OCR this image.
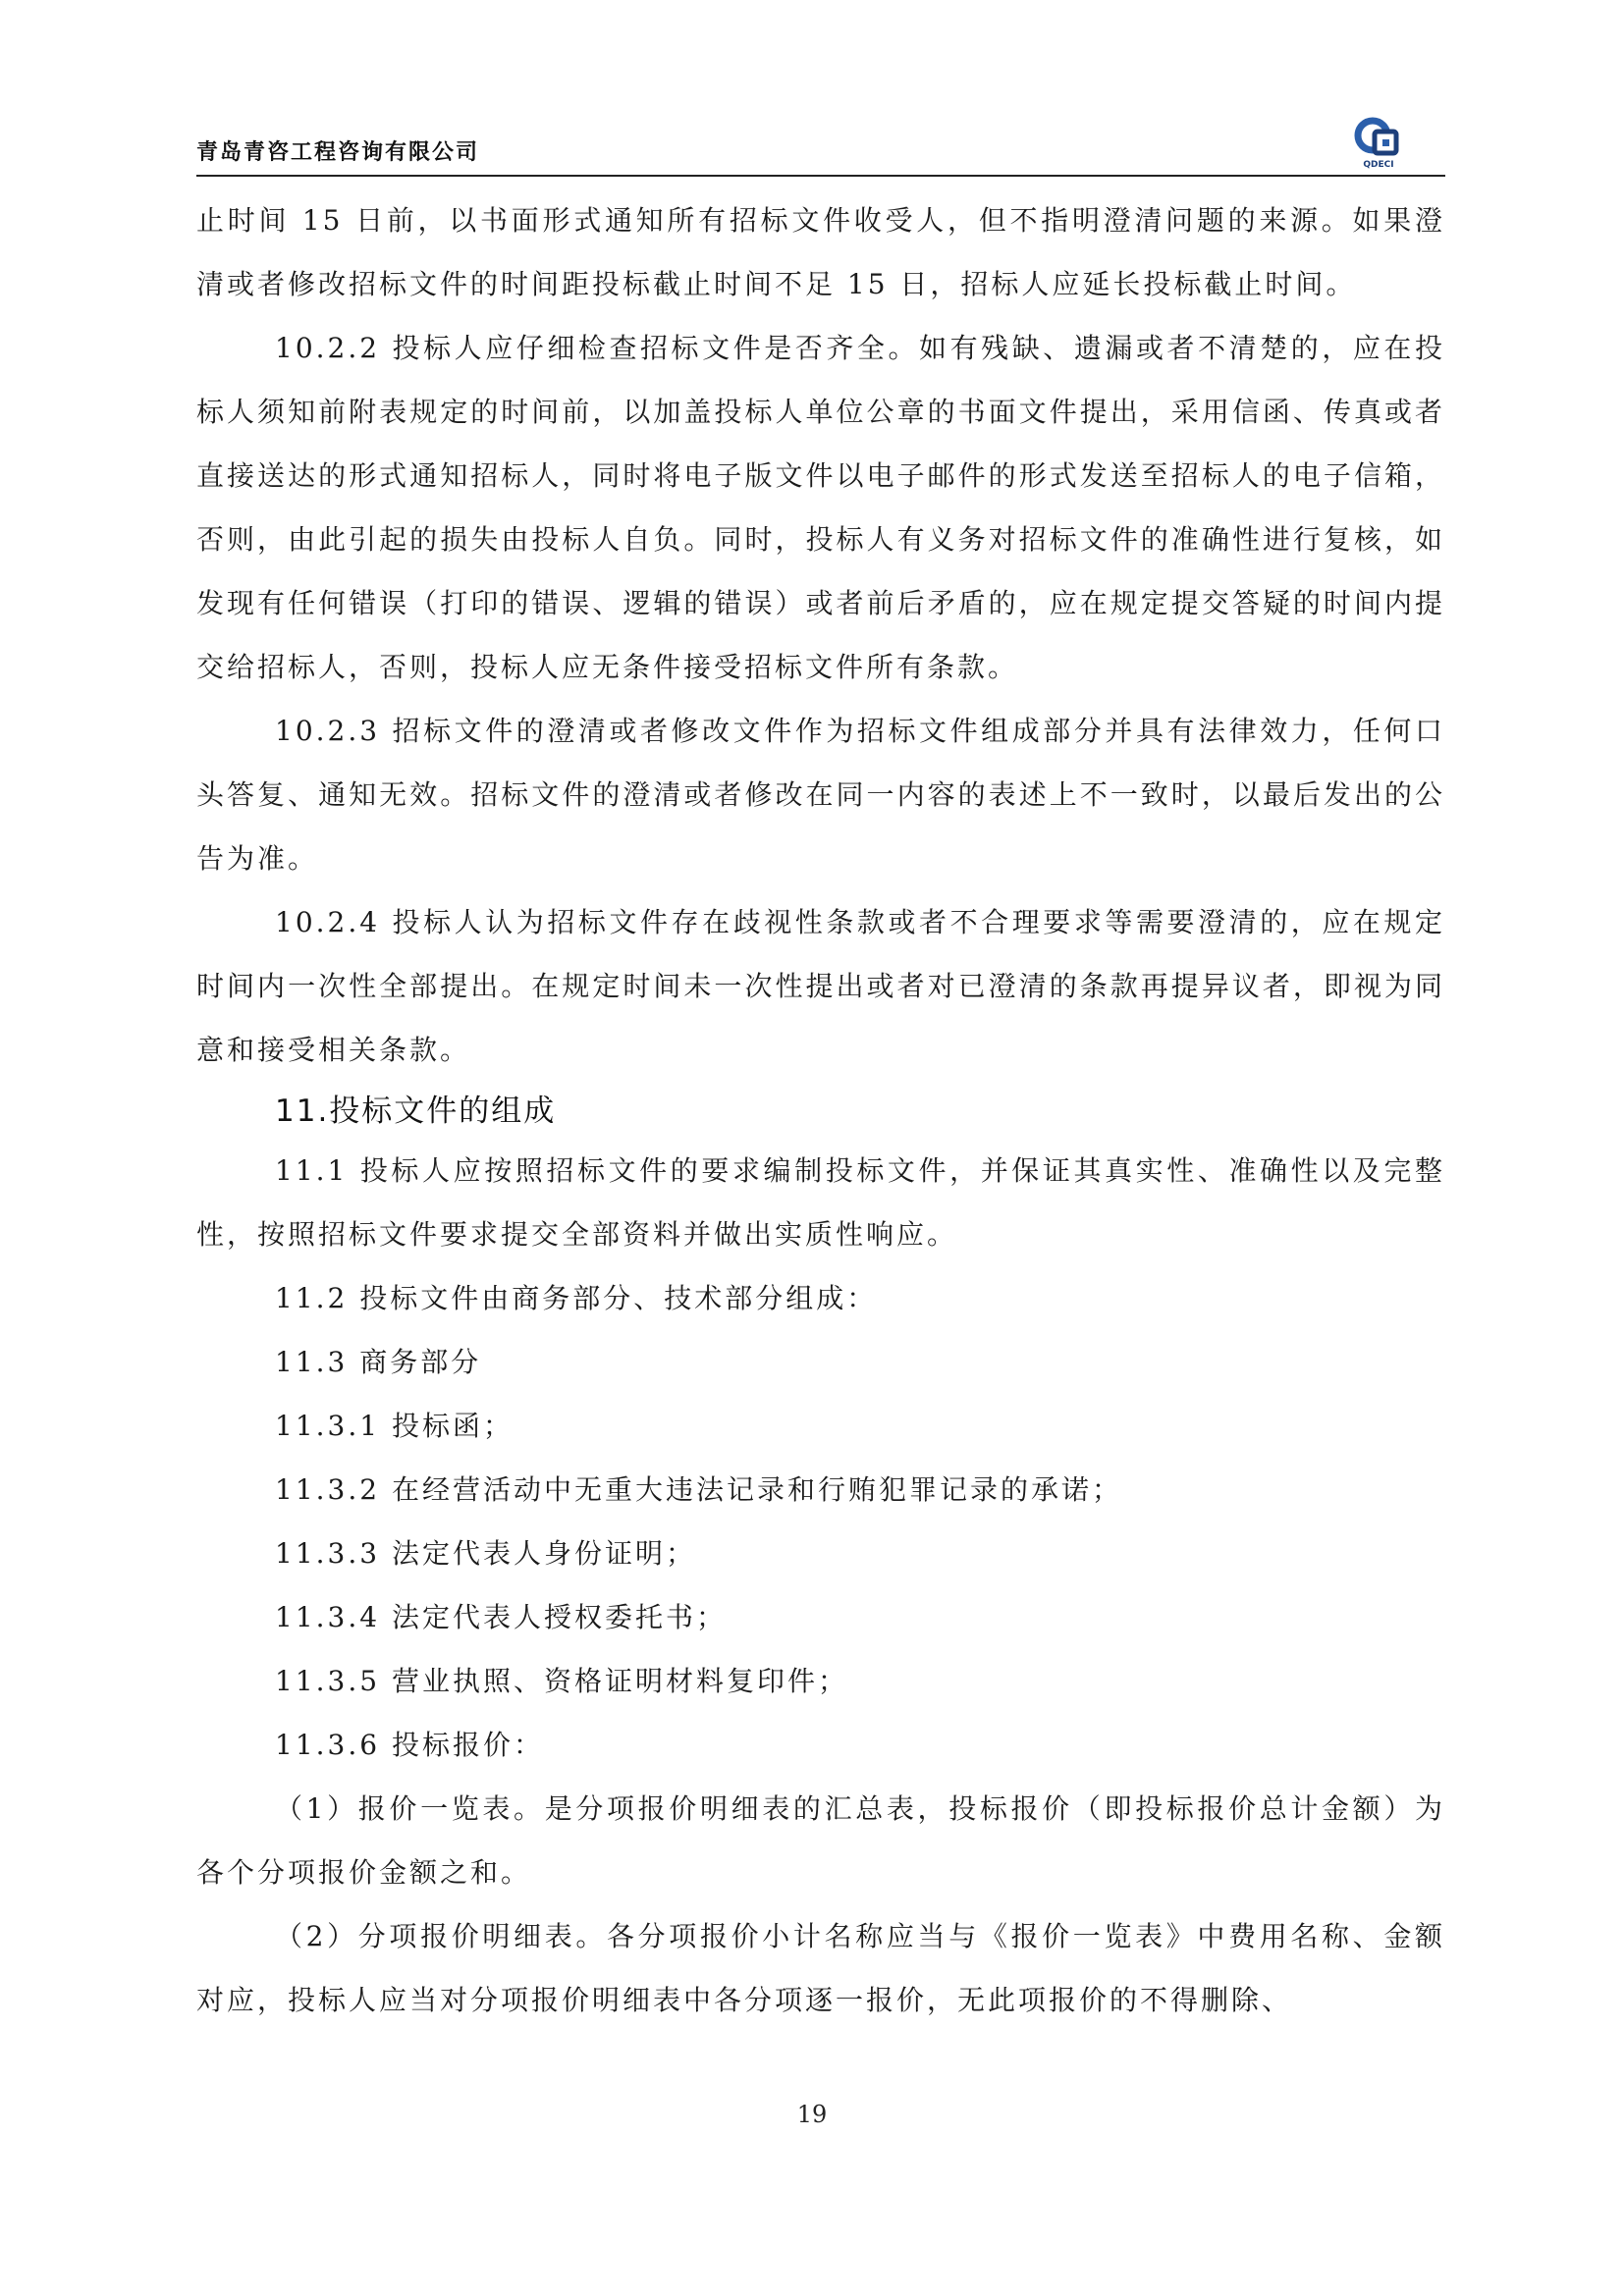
青岛青咨工程咨询有限公司	QDECI

止时间 15 日前，以书面形式通知所有招标文件收受人，但不指明澄清问题的来源。如果澄清或者修改招标文件的时间距投标截止时间不足 15 日，招标人应延长投标截止时间。

10.2.2 投标人应仔细检查招标文件是否齐全。如有残缺、遗漏或者不清楚的，应在投标人须知前附表规定的时间前，以加盖投标人单位公章的书面文件提出，采用信函、传真或者直接送达的形式通知招标人，同时将电子版文件以电子邮件的形式发送至招标人的电子信箱，否则，由此引起的损失由投标人自负。同时，投标人有义务对招标文件的准确性进行复核，如发现有任何错误（打印的错误、逻辑的错误）或者前后矛盾的，应在规定提交答疑的时间内提交给招标人，否则，投标人应无条件接受招标文件所有条款。

10.2.3 招标文件的澄清或者修改文件作为招标文件组成部分并具有法律效力，任何口头答复、通知无效。招标文件的澄清或者修改在同一内容的表述上不一致时，以最后发出的公告为准。

10.2.4 投标人认为招标文件存在歧视性条款或者不合理要求等需要澄清的，应在规定时间内一次性全部提出。在规定时间未一次性提出或者对已澄清的条款再提异议者，即视为同意和接受相关条款。

11.投标文件的组成

11.1 投标人应按照招标文件的要求编制投标文件，并保证其真实性、准确性以及完整性，按照招标文件要求提交全部资料并做出实质性响应。

11.2 投标文件由商务部分、技术部分组成：

11.3 商务部分

11.3.1 投标函；

11.3.2 在经营活动中无重大违法记录和行贿犯罪记录的承诺；

11.3.3 法定代表人身份证明；

11.3.4 法定代表人授权委托书；

11.3.5 营业执照、资格证明材料复印件；

11.3.6 投标报价：

（1）报价一览表。是分项报价明细表的汇总表，投标报价（即投标报价总计金额）为各个分项报价金额之和。

（2）分项报价明细表。各分项报价小计名称应当与《报价一览表》中费用名称、金额对应，投标人应当对分项报价明细表中各分项逐一报价，无此项报价的不得删除、

19
